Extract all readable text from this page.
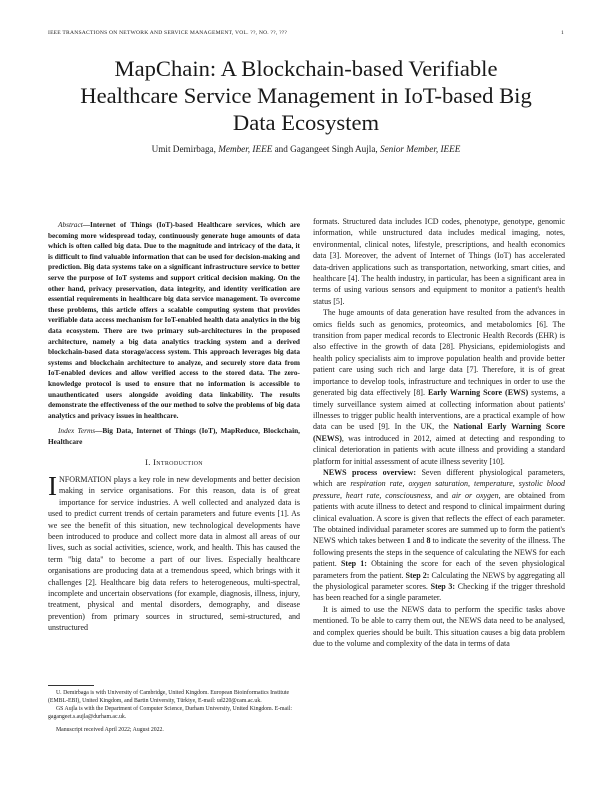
IEEE TRANSACTIONS ON NETWORK AND SERVICE MANAGEMENT, VOL. ??, NO. ??, ???	1
MapChain: A Blockchain-based Verifiable Healthcare Service Management in IoT-based Big Data Ecosystem
Umit Demirbaga, Member, IEEE and Gagangeet Singh Aujla, Senior Member, IEEE

Abstract—Internet of Things (IoT)-based Healthcare services, which are becoming more widespread today, continuously generate huge amounts of data which is often called big data. Due to the magnitude and intricacy of the data, it is difficult to find valuable information that can be used for decision-making and prediction. Big data systems take on a significant infrastructure service to better serve the purpose of IoT systems and support critical decision making. On the other hand, privacy preservation, data integrity, and identity verification are essential requirements in healthcare big data service management. To overcome these problems, this article offers a scalable computing system that provides verifiable data access mechanism for IoT-enabled health data analytics in the big data ecosystem. There are two primary sub-architectures in the proposed architecture, namely a big data analytics tracking system and a derived blockchain-based data storage/access system. This approach leverages big data systems and blockchain architecture to analyze, and securely store data from IoT-enabled devices and allow verified access to the stored data. The zero-knowledge protocol is used to ensure that no information is accessible to unauthenticated users alongside avoiding data linkability. The results demonstrate the effectiveness of the our method to solve the problems of big data analytics and privacy issues in healthcare.

Index Terms—Big Data, Internet of Things (IoT), MapReduce, Blockchain, Healthcare

I. Introduction

INFORMATION plays a key role in new developments and better decision making in service organisations. For this reason, data is of great importance for service industries. A well collected and analyzed data is used to predict current trends of certain parameters and future events [1]. As we see the benefit of this situation, new technological developments have been introduced to produce and collect more data in almost all areas of our lives, such as social activities, science, work, and health. This has caused the term "big data" to become a part of our lives. Especially healthcare organisations are producing data at a tremendous speed, which brings with it challenges [2]. Healthcare big data refers to heterogeneous, multi-spectral, incomplete and uncertain observations (for example, diagnosis, illness, injury, treatment, physical and mental disorders, demography, and disease prevention) from primary sources in structured, semi-structured, and unstructured

U. Demirbaga is with University of Cambridge, United Kingdom. European Bioinformatics Institute (EMBL-EBI), United Kingdom, and Bartin University, Türkiye, E-mail: ud220@cam.ac.uk.

GS Aujla is with the Department of Computer Science, Durham University, United Kingdom. E-mail: gagangeet.s.aujla@durham.ac.uk.

Manuscript received April 2022; August 2022.

formats. Structured data includes ICD codes, phenotype, genotype, genomic information, while unstructured data includes medical imaging, notes, environmental, clinical notes, lifestyle, prescriptions, and health economics data [3]. Moreover, the advent of Internet of Things (IoT) has accelerated data-driven applications such as transportation, networking, smart cities, and healthcare [4]. The health industry, in particular, has been a significant area in terms of using various sensors and equipment to monitor a patient's health status [5].

The huge amounts of data generation have resulted from the advances in omics fields such as genomics, proteomics, and metabolomics [6]. The transition from paper medical records to Electronic Health Records (EHR) is also effective in the growth of data [28]. Physicians, epidemiologists and health policy specialists aim to improve population health and provide better patient care using such rich and large data [7]. Therefore, it is of great importance to develop tools, infrastructure and techniques in order to use the generated big data effectively [8]. Early Warning Score (EWS) systems, a timely surveillance system aimed at collecting information about patients' illnesses to trigger public health interventions, are a practical example of how data can be used [9]. In the UK, the National Early Warning Score (NEWS), was introduced in 2012, aimed at detecting and responding to clinical deterioration in patients with acute illness and providing a standard platform for initial assessment of acute illness severity [10].

NEWS process overview: Seven different physiological parameters, which are respiration rate, oxygen saturation, temperature, systolic blood pressure, heart rate, consciousness, and air or oxygen, are obtained from patients with acute illness to detect and respond to clinical impairment during clinical evaluation. A score is given that reflects the effect of each parameter. The obtained individual parameter scores are summed up to form the patient's NEWS which takes between 1 and 8 to indicate the severity of the illness. The following presents the steps in the sequence of calculating the NEWS for each patient. Step 1: Obtaining the score for each of the seven physiological parameters from the patient. Step 2: Calculating the NEWS by aggregating all the physiological parameter scores. Step 3: Checking if the trigger threshold has been reached for a single parameter.

It is aimed to use the NEWS data to perform the specific tasks above mentioned. To be able to carry them out, the NEWS data need to be analysed, and complex queries should be built. This situation causes a big data problem due to the volume and complexity of the data in terms of data
